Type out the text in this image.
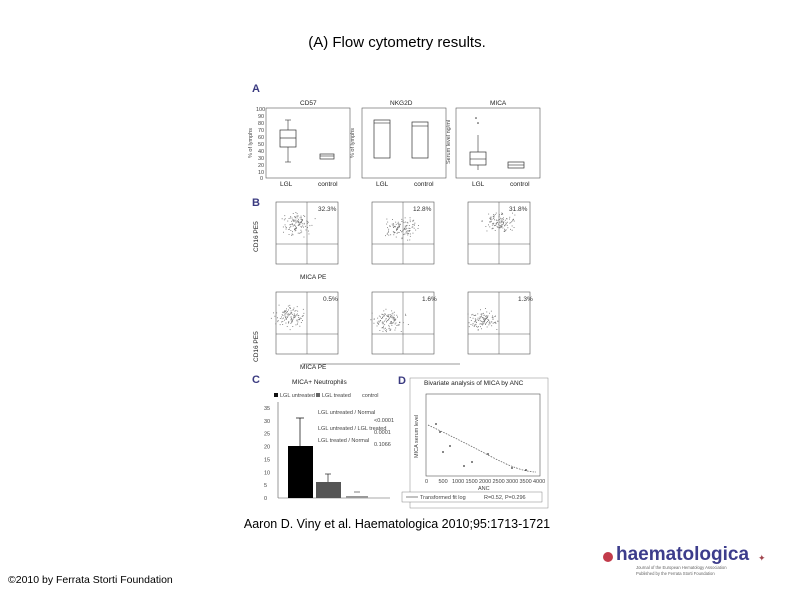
(A) Flow cytometry results.
A
CD57
% of lymphs
100
90
80
70
60
50
40
30
20
10
0
LGL	control
NKG2D
% of lymphs
LGL	control
MICA
Serum level ng/ml
LGL	control
B
CD16 PE5
CD16 PE5
32.3%	12.8%	31.8%
0.5%	1.6%	1.3%
MICA PE
MICA PE
C	MICA+ Neutrophils
LGL untreated LGL treated control
0
5
10
15
20
25
30
35
LGL untreated / Normal
<0.0001
LGL untreated / LGL treated
0.0001
LGL treated / Normal
0.1066
D	Bivariate analysis of MICA by ANC
MICA serum level
0 500 1000 1500 2000 2500 3000 3500 4000
ANC
Transformed fit log	R=0.52, P=0.296
Aaron D. Viny et al. Haematologica 2010;95:1713-1721
©2010 by Ferrata Storti Foundation
haematologica
Journal of the European Hematology Association
Published by the Ferrata Storti Foundation
✦
